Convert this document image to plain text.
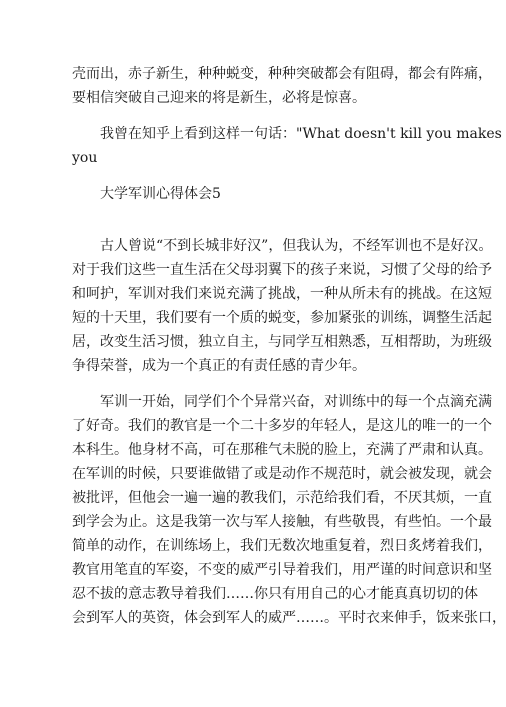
壳而出，赤子新生，种种蜕变，种种突破都会有阻碍，都会有阵痛，
要相信突破自己迎来的将是新生，必将是惊喜。
我曾在知乎上看到这样一句话："What doesn't kill you makes
you
大学军训心得体会5
古人曾说“不到长城非好汉”，但我认为，不经军训也不是好汉。
对于我们这些一直生活在父母羽翼下的孩子来说，习惯了父母的给予
和呵护，军训对我们来说充满了挑战，一种从所未有的挑战。在这短
短的十天里，我们要有一个质的蜕变，参加紧张的训练，调整生活起
居，改变生活习惯，独立自主，与同学互相熟悉，互相帮助，为班级
争得荣誉，成为一个真正的有责任感的青少年。
军训一开始，同学们个个异常兴奋，对训练中的每一个点滴充满
了好奇。我们的教官是一个二十多岁的年轻人，是这儿的唯一的一个
本科生。他身材不高，可在那稚气未脱的脸上，充满了严肃和认真。
在军训的时候，只要谁做错了或是动作不规范时，就会被发现，就会
被批评，但他会一遍一遍的教我们，示范给我们看，不厌其烦，一直
到学会为止。这是我第一次与军人接触，有些敬畏，有些怕。一个最
简单的动作，在训练场上，我们无数次地重复着，烈日炙烤着我们，
教官用笔直的军姿，不变的威严引导着我们，用严谨的时间意识和坚
忍不拔的意志教导着我们……你只有用自己的心才能真真切切的体
会到军人的英资，体会到军人的威严……。平时衣来伸手，饭来张口，
